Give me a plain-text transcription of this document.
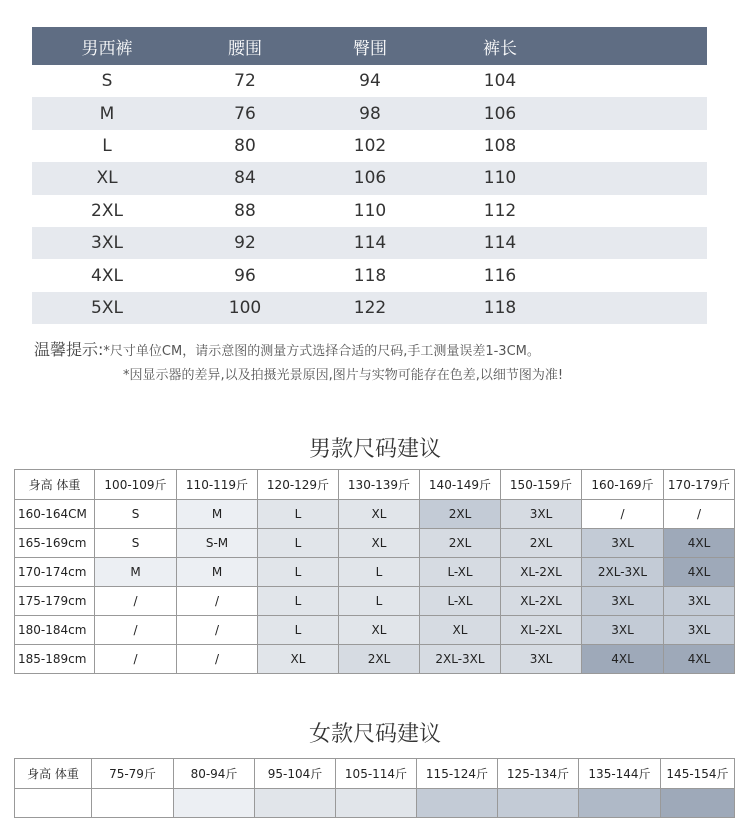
男西裤	腰围	臀围	裤长	
S	72	94	104	
M	76	98	106	
L	80	102	108	
XL	84	106	110	
2XL	88	110	112	
3XL	92	114	114	
4XL	96	118	116	
5XL	100	122	118	
温馨提示:*尺寸单位CM，请示意图的测量方式选择合适的尺码,手工测量误差1-3CM。
*因显示器的差异,以及拍摄光景原因,图片与实物可能存在色差,以细节图为准!
男款尺码建议
身高 体重	100-109斤	110-119斤	120-129斤	130-139斤	140-149斤	150-159斤	160-169斤	170-179斤
160-164CM	S	M	L	XL	2XL	3XL	/	/
165-169cm	S	S-M	L	XL	2XL	2XL	3XL	4XL
170-174cm	M	M	L	L	L-XL	XL-2XL	2XL-3XL	4XL
175-179cm	/	/	L	L	L-XL	XL-2XL	3XL	3XL
180-184cm	/	/	L	XL	XL	XL-2XL	3XL	3XL
185-189cm	/	/	XL	2XL	2XL-3XL	3XL	4XL	4XL
女款尺码建议
身高 体重	75-79斤	80-94斤	95-104斤	105-114斤	115-124斤	125-134斤	135-144斤	145-154斤
